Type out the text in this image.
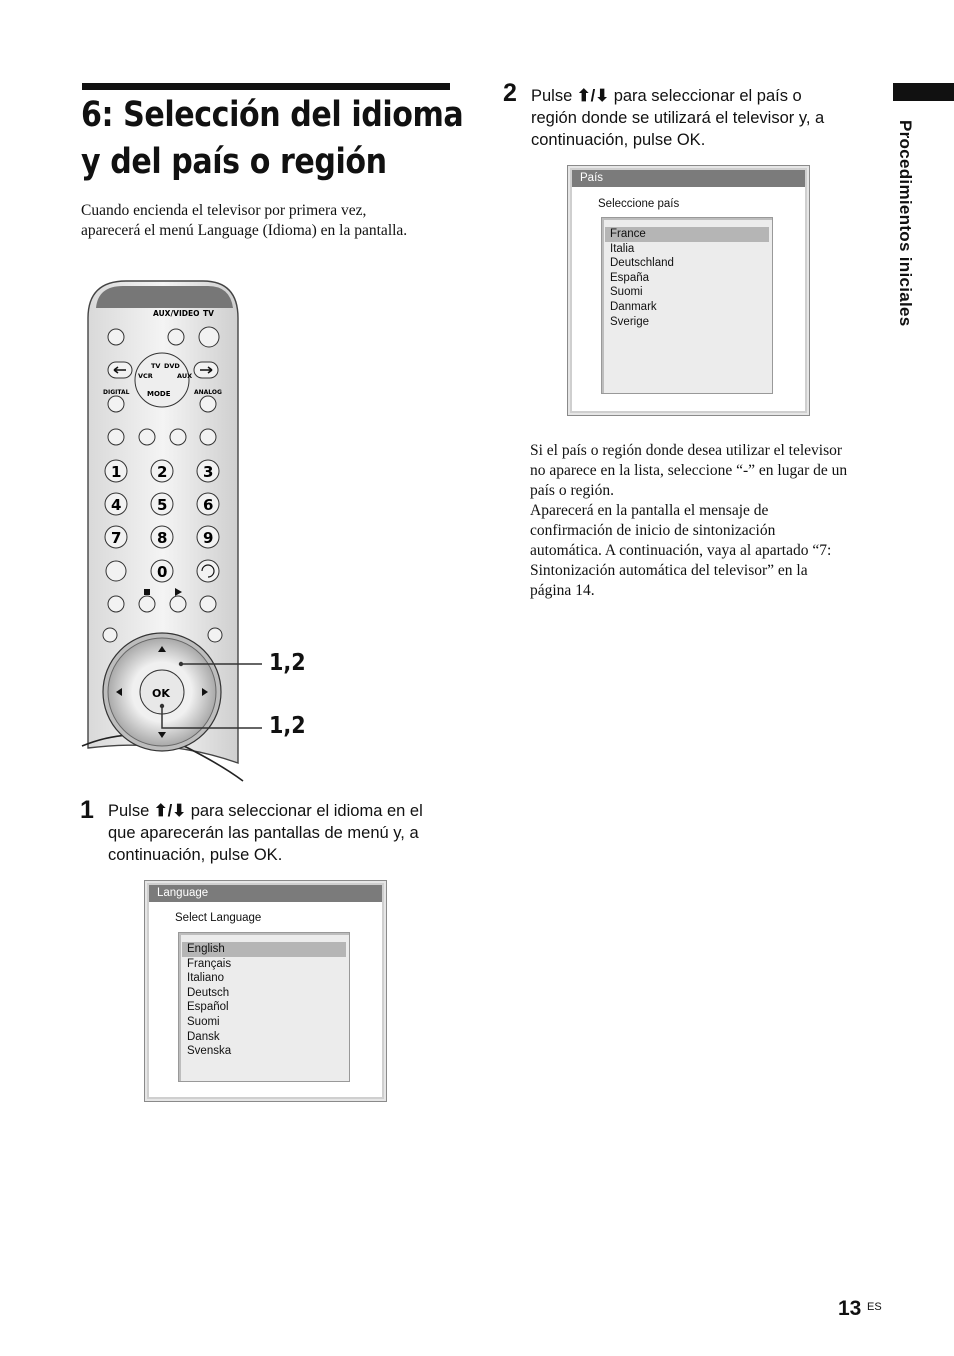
6: Selección del idioma
y del país o región
Cuando encienda el televisor por primera vez,
aparecerá el menú Language (Idioma) en la pantalla.	Procedimientos iniciales
AUX/VIDEO TV
MODE
VCR
TV DVD
AUX
DIGITAL	ANALOG
1 2 3
4 5 6
7 8 9
0
OK
1,2
1,2
1 Pulse ⬆/⬇ para seleccionar el idioma en el
que aparecerán las pantallas de menú y, a
continuación, pulse OK.
Language
Select Language
English
Français
Italiano
Deutsch
Español
Suomi
Dansk
Svenska
2 Pulse ⬆/⬇ para seleccionar el país o
región donde se utilizará el televisor y, a
continuación, pulse OK.
País
Seleccione país
France
Italia
Deutschland
España
Suomi
Danmark
Sverige
Si el país o región donde desea utilizar el televisor
no aparece en la lista, seleccione “-” en lugar de un
país o región.
Aparecerá en la pantalla el mensaje de
confirmación de inicio de sintonización
automática. A continuación, vaya al apartado “7:
Sintonización automática del televisor” en la
página 14.
13 ES
